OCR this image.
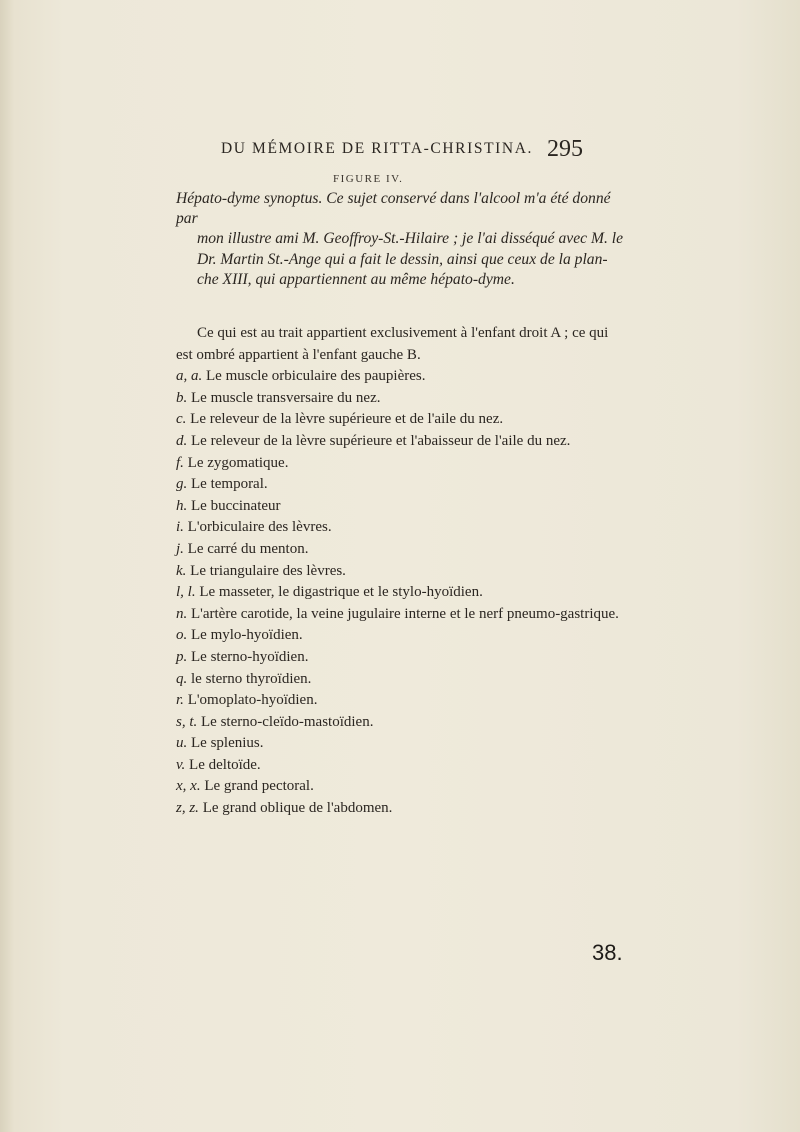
DU MÉMOIRE DE RITTA-CHRISTINA. 295
FIGURE IV.

Hépato-dyme synoptus. Ce sujet conservé dans l'alcool m'a été donné par

mon illustre ami M. Geoffroy-St.-Hilaire ; je l'ai disséqué avec M. le

Dr. Martin St.-Ange qui a fait le dessin, ainsi que ceux de la plan-

che XIII, qui appartiennent au même hépato-dyme.

Ce qui est au trait appartient exclusivement à l'enfant droit A ; ce qui

est ombré appartient à l'enfant gauche B.

a, a. Le muscle orbiculaire des paupières.

b. Le muscle transversaire du nez.

c. Le releveur de la lèvre supérieure et de l'aile du nez.

d. Le releveur de la lèvre supérieure et l'abaisseur de l'aile du nez.

f. Le zygomatique.

g. Le temporal.

h. Le buccinateur

i. L'orbiculaire des lèvres.

j. Le carré du menton.

k. Le triangulaire des lèvres.

l, l. Le masseter, le digastrique et le stylo-hyoïdien.

n. L'artère carotide, la veine jugulaire interne et le nerf pneumo-gastrique.

o. Le mylo-hyoïdien.

p. Le sterno-hyoïdien.

q. le sterno thyroïdien.

r. L'omoplato-hyoïdien.

s, t. Le sterno-cleïdo-mastoïdien.

u. Le splenius.

v. Le deltoïde.

x, x. Le grand pectoral.

z, z. Le grand oblique de l'abdomen.

38.
